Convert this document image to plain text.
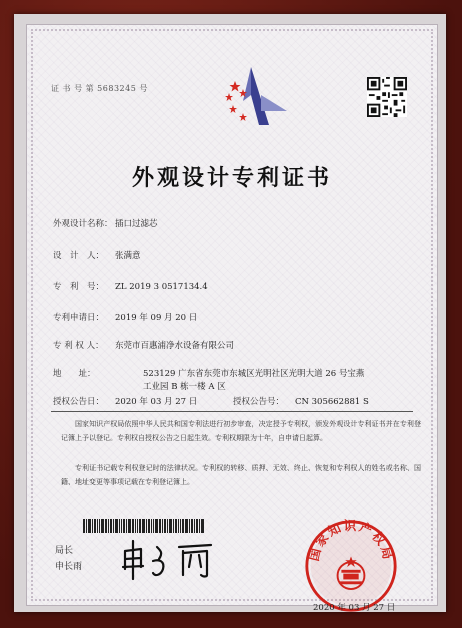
证 书 号 第 5683245 号
外观设计专利证书
外观设计名称： 插口过滤芯
设　计　人： 张满意
专　利　号： ZL 2019 3 0517134.4
专利申请日： 2019 年 09 月 20 日
专 利 权 人： 东莞市百惠浦净水设备有限公司
地　　址：	523129 广东省东莞市东城区光明社区光明大道 26 号宝燕
工业园 B 栋一楼 A 区
授权公告日： 2020 年 03 月 27 日	授权公告号： CN 305662881 S
国家知识产权局依照中华人民共和国专利法进行初步审查，决定授予专利权，颁发外观设计专利证书并在专利登记簿上予以登记。专利权自授权公告之日起生效。专利权期限为十年，自申请日起算。
专利证书记载专利权登记时的法律状况。专利权的转移、质押、无效、终止、恢复和专利权人的姓名或名称、国籍、地址变更等事项记载在专利登记簿上。
局长
申长雨
国家知识产权局
2020 年 03 月 27 日
